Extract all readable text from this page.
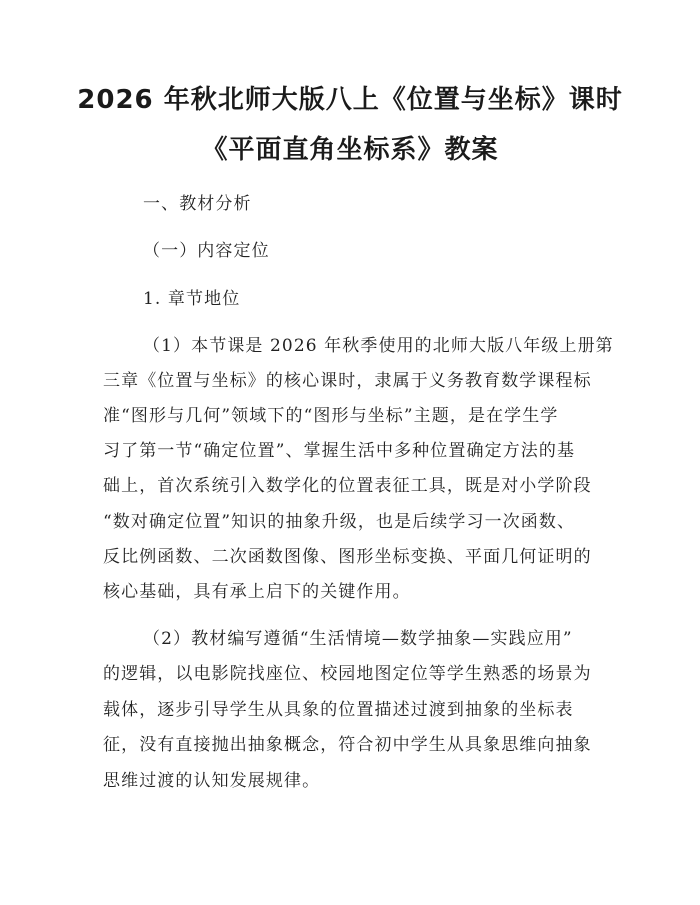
2026 年秋北师大版八上《位置与坐标》课时
《平面直角坐标系》教案
一、教材分析
（一）内容定位
1. 章节地位
（1）本节课是 2026 年秋季使用的北师大版八年级上册第
三章《位置与坐标》的核心课时，隶属于义务教育数学课程标
准“图形与几何”领域下的“图形与坐标”主题，是在学生学
习了第一节“确定位置”、掌握生活中多种位置确定方法的基
础上，首次系统引入数学化的位置表征工具，既是对小学阶段
“数对确定位置”知识的抽象升级，也是后续学习一次函数、
反比例函数、二次函数图像、图形坐标变换、平面几何证明的
核心基础，具有承上启下的关键作用。
（2）教材编写遵循“生活情境—数学抽象—实践应用”
的逻辑，以电影院找座位、校园地图定位等学生熟悉的场景为
载体，逐步引导学生从具象的位置描述过渡到抽象的坐标表
征，没有直接抛出抽象概念，符合初中学生从具象思维向抽象
思维过渡的认知发展规律。
